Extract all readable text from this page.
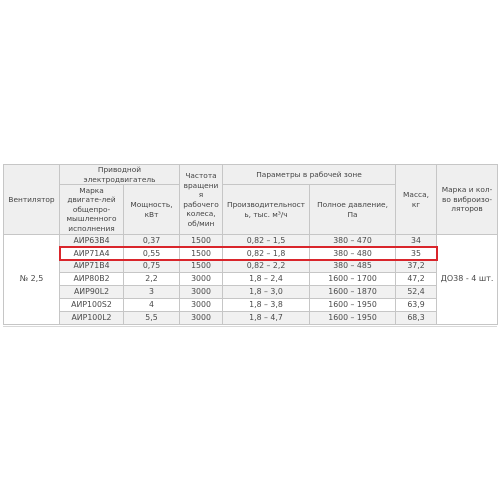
Вентилятор	Приводной электродвигатель		Частота вращения рабочего колеса, об/мин	Параметры в рабочей зоне		Масса, кг	Марка и кол-во виброизо-ляторов
	Марка двигате-лей общепро-мышленного исполнения	Мощность, кВт		Производительность, тыс. м³/ч	Полное давление, Па		
№ 2,5	АИР63В4	0,37	1500	0,82 – 1,5	380 – 470	34	ДО38 - 4 шт.
	АИР71А4	0,55	1500	0,82 – 1,8	380 – 480	35	
	АИР71В4	0,75	1500	0,82 – 2,2	380 – 485	37,2	
	АИР80В2	2,2	3000	1,8 – 2,4	1600 – 1700	47,2	
	АИР90L2	3	3000	1,8 – 3,0	1600 – 1870	52,4	
	АИР100S2	4	3000	1,8 – 3,8	1600 – 1950	63,9	
	АИР100L2	5,5	3000	1,8 – 4,7	1600 – 1950	68,3	
